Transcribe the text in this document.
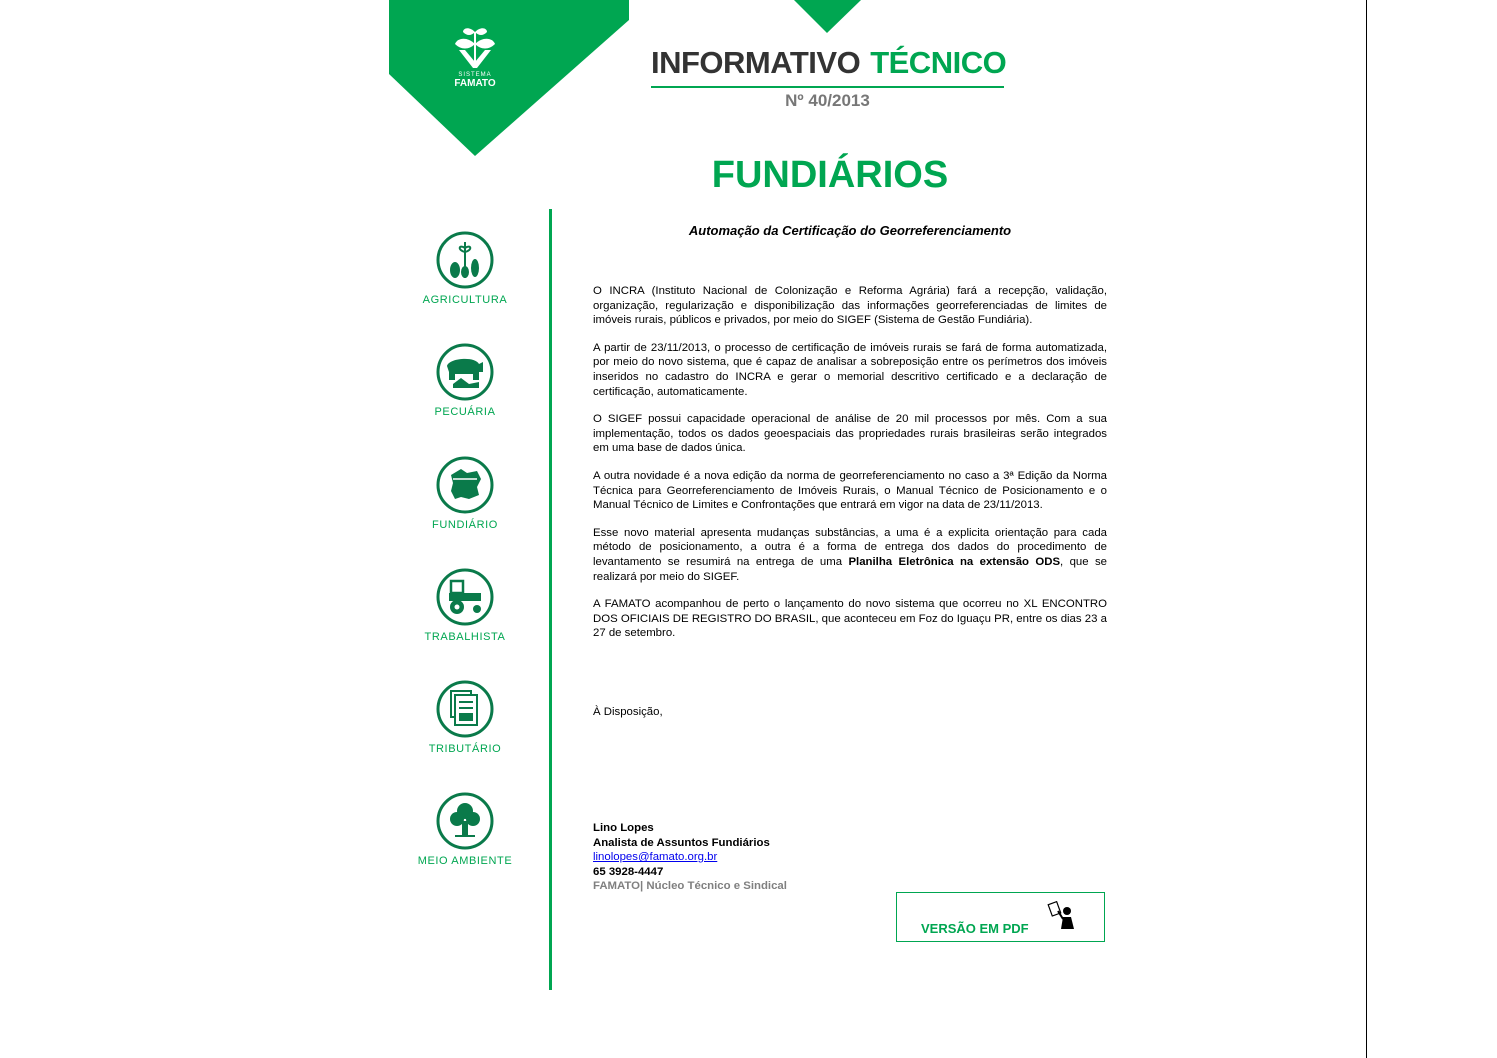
SISTEMA
FAMATO
INFORMATIVO TÉCNICO
Nº 40/2013
FUNDIÁRIOS
Automação da Certificação do Georreferenciamento

O INCRA (Instituto Nacional de Colonização e Reforma Agrária) fará a recepção, validação, organização, regularização e disponibilização das informações georreferenciadas de limites de imóveis rurais, públicos e privados, por meio do SIGEF (Sistema de Gestão Fundiária).

A partir de 23/11/2013, o processo de certificação de imóveis rurais se fará de forma automatizada, por meio do novo sistema, que é capaz de analisar a sobreposição entre os perímetros dos imóveis inseridos no cadastro do INCRA e gerar o memorial descritivo certificado e a declaração de certificação, automaticamente.

O SIGEF possui capacidade operacional de análise de 20 mil processos por mês. Com a sua implementação, todos os dados geoespaciais das propriedades rurais brasileiras serão integrados em uma base de dados única.

A outra novidade é a nova edição da norma de georreferenciamento no caso a 3ª Edição da Norma Técnica para Georreferenciamento de Imóveis Rurais, o Manual Técnico de Posicionamento e o Manual Técnico de Limites e Confrontações que entrará em vigor na data de 23/11/2013.

Esse novo material apresenta mudanças substâncias, a uma é a explicita orientação para cada método de posicionamento, a outra é a forma de entrega dos dados do procedimento de levantamento se resumirá na entrega de uma Planilha Eletrônica na extensão ODS, que se realizará por meio do SIGEF.

A FAMATO acompanhou de perto o lançamento do novo sistema que ocorreu no XL ENCONTRO DOS OFICIAIS DE REGISTRO DO BRASIL, que aconteceu em Foz do Iguaçu PR, entre os dias 23 a 27 de setembro.

À Disposição,
Lino Lopes
Analista de Assuntos Fundiários
linolopes@famato.org.br
65 3928-4447
FAMATO| Núcleo Técnico e Sindical
VERSÃO EM PDF
AGRICULTURA
PECUÁRIA
FUNDIÁRIO
TRABALHISTA
TRIBUTÁRIO
MEIO AMBIENTE
